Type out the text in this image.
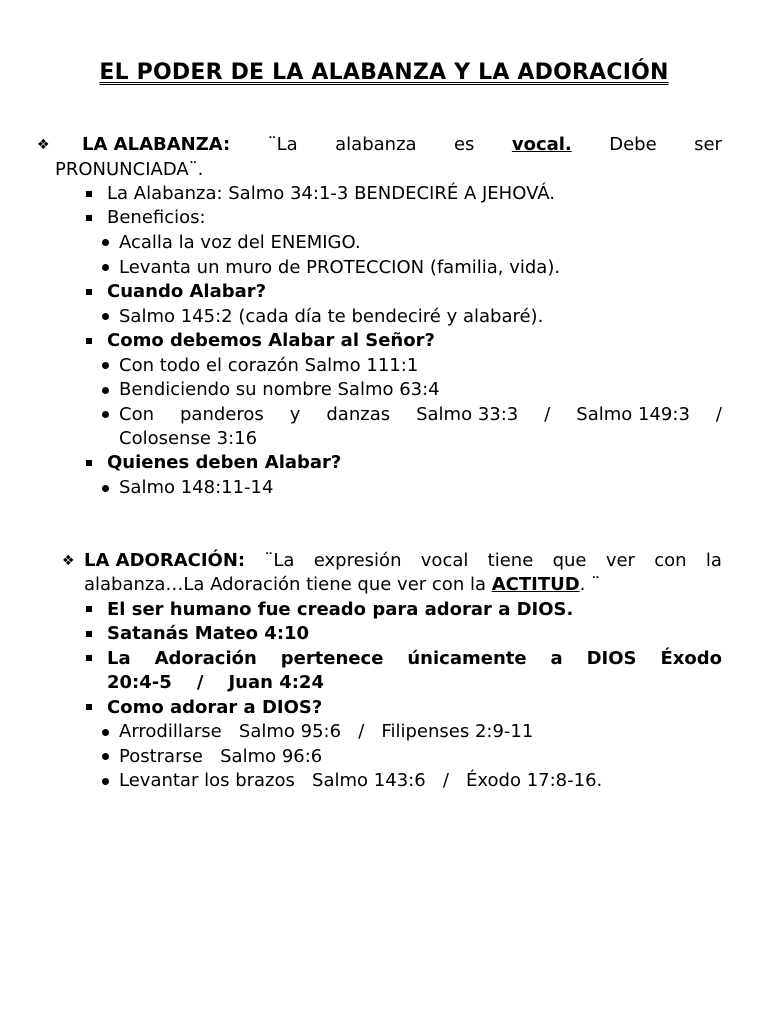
EL PODER DE LA ALABANZA Y LA ADORACIÓN
❖ LA ALABANZA: ¨La alabanza es vocal. Debe ser
PRONUNCIADA¨.
La Alabanza: Salmo 34:1-3 BENDECIRÉ A JEHOVÁ.
Beneficios:
Acalla la voz del ENEMIGO.
Levanta un muro de PROTECCION (familia, vida).
Cuando Alabar?
Salmo 145:2 (cada día te bendeciré y alabaré).
Como debemos Alabar al Señor?
Con todo el corazón Salmo 111:1
Bendiciendo su nombre Salmo 63:4
Con panderos y danzas Salmo 33:3 / Salmo 149:3 /
Colosense 3:16
Quienes deben Alabar?
Salmo 148:11-14
❖ LA ADORACIÓN: ¨La expresión vocal tiene que ver con la
alabanza…La Adoración tiene que ver con la ACTITUD. ¨
El ser humano fue creado para adorar a DIOS.
Satanás Mateo 4:10
La Adoración pertenece únicamente a DIOS Éxodo
20:4-5    /    Juan 4:24
Como adorar a DIOS?
Arrodillarse   Salmo 95:6   /   Filipenses 2:9-11
Postrarse   Salmo 96:6
Levantar los brazos   Salmo 143:6   /   Éxodo 17:8-16.
